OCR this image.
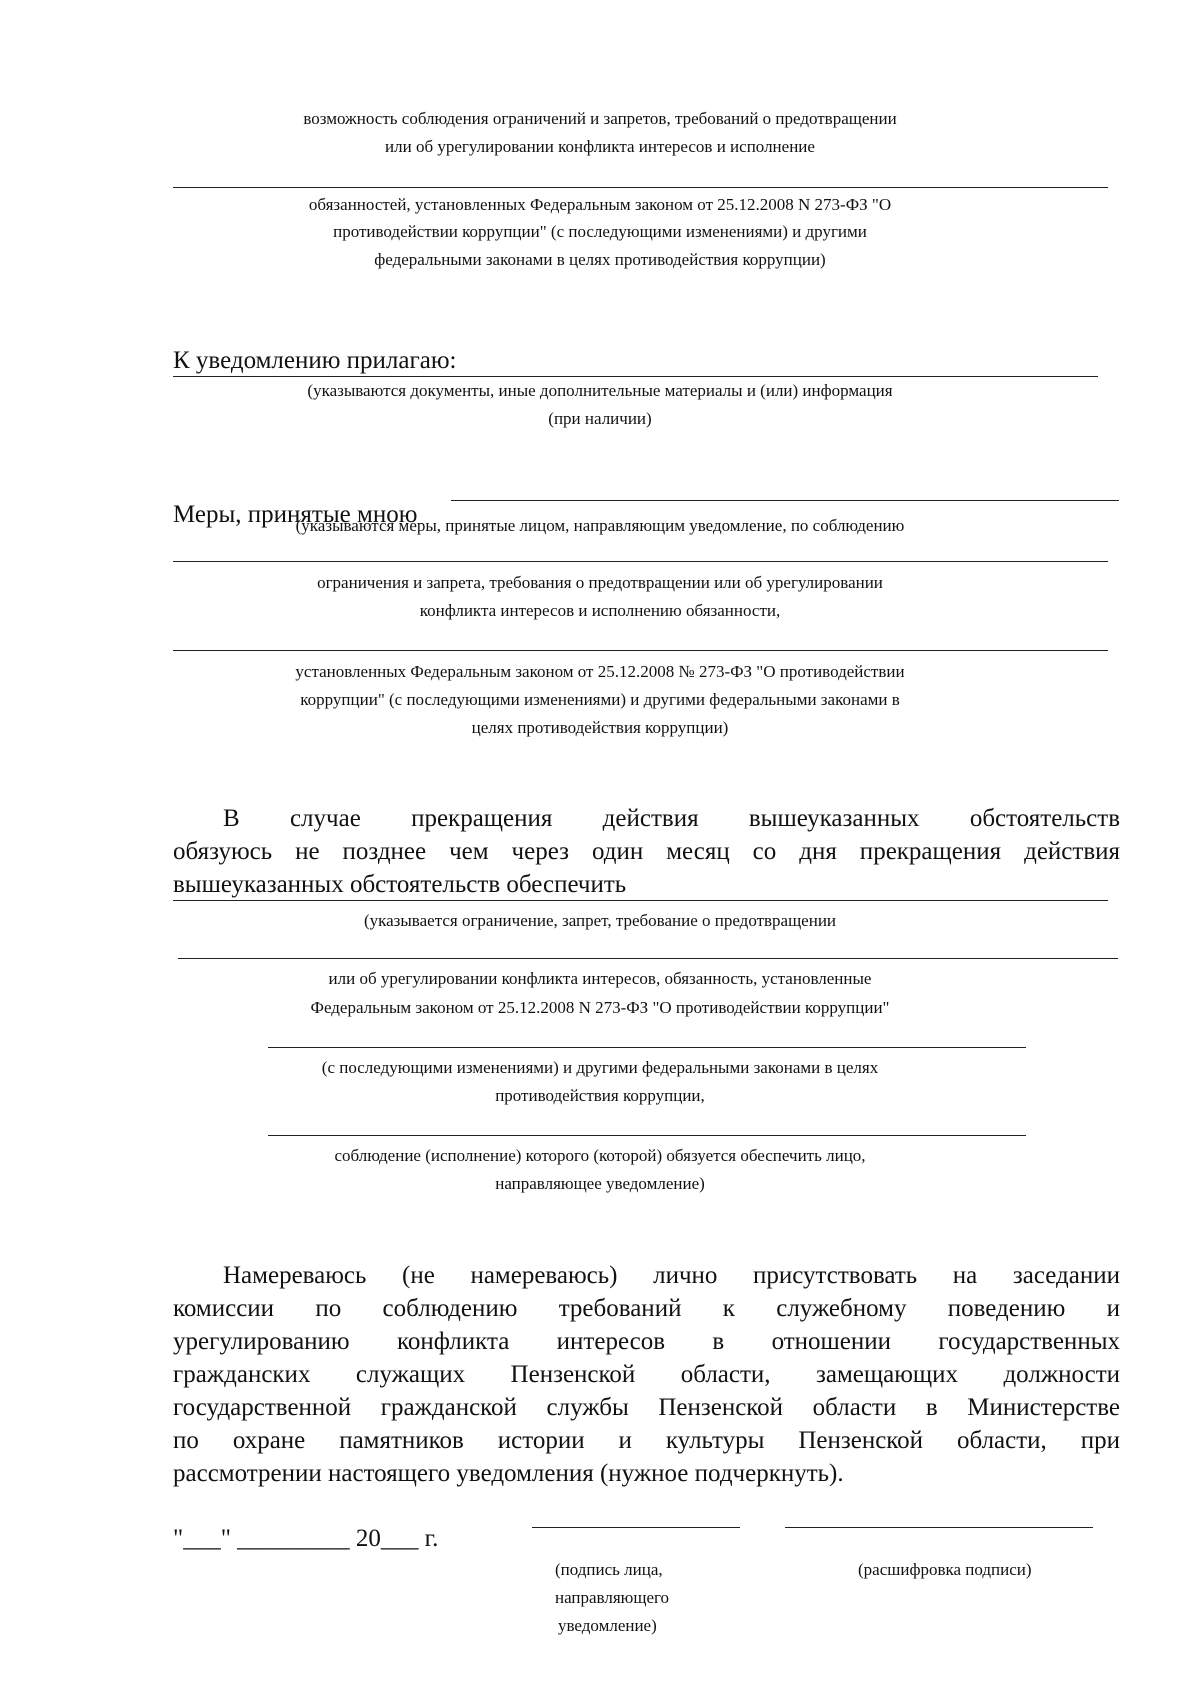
возможность соблюдения ограничений и запретов, требований о предотвращении

или об урегулировании конфликта интересов и исполнение

обязанностей, установленных Федеральным законом от 25.12.2008 N 273-ФЗ "О

противодействии коррупции" (с последующими изменениями) и другими

федеральными законами в целях противодействия коррупции)

К уведомлению прилагаю:

(указываются документы, иные дополнительные материалы и (или) информация

(при наличии)

Меры, принятые мною

(указываются меры, принятые лицом, направляющим уведомление, по соблюдению

ограничения и запрета, требования о предотвращении или об урегулировании

конфликта интересов и исполнению обязанности,

установленных Федеральным законом от 25.12.2008 № 273-ФЗ "О противодействии

коррупции" (с последующими изменениями) и другими федеральными законами в

целях противодействия коррупции)

В случае прекращения действия вышеуказанных обстоятельств

обязуюсь не позднее чем через один месяц со дня прекращения действия

вышеуказанных обстоятельств обеспечить

(указывается ограничение, запрет, требование о предотвращении

или об урегулировании конфликта интересов, обязанность, установленные

Федеральным законом от 25.12.2008 N 273-ФЗ "О противодействии коррупции"

(с последующими изменениями) и другими федеральными законами в целях

противодействия коррупции,

соблюдение (исполнение) которого (которой) обязуется обеспечить лицо,

направляющее уведомление)

Намереваюсь (не намереваюсь) лично присутствовать на заседании

комиссии по соблюдению требований к служебному поведению и

урегулированию конфликта интересов в отношении государственных

гражданских служащих Пензенской области, замещающих должности

государственной гражданской службы Пензенской области в Министерстве

по охране памятников истории и культуры Пензенской области, при

рассмотрении настоящего уведомления (нужное подчеркнуть).

"___" _________ 20___ г.

(подпись лица,

направляющего

уведомление)

(расшифровка подписи)
